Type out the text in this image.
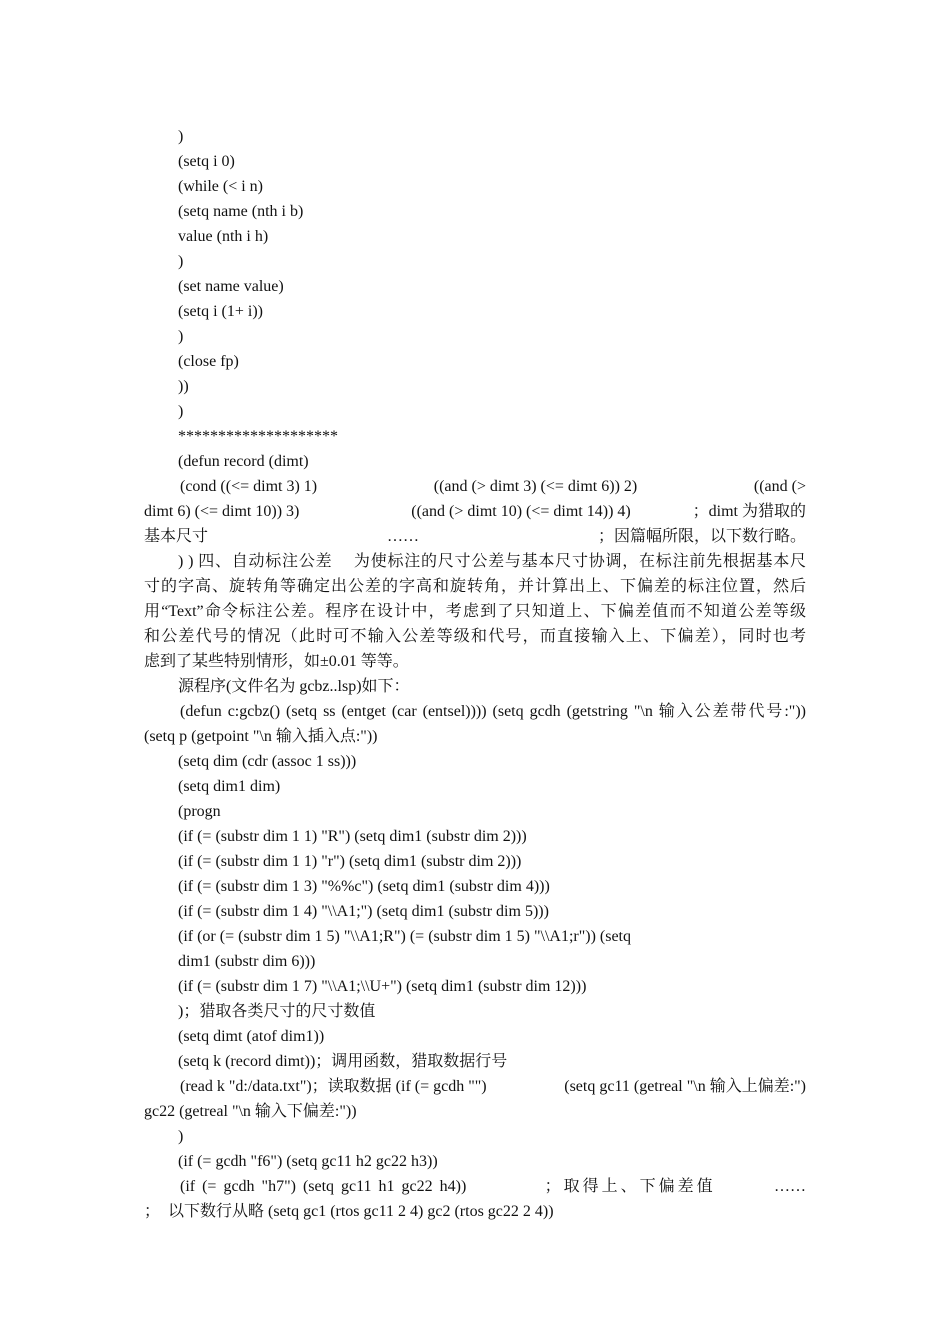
)
(setq i 0)
(while (< i n)
(setq name (nth i b)
value (nth i h)
)
(set name value)
(setq i (1+ i))
)
(close fp)
))
)
********************
(defun record (dimt)
(cond ((<= dimt 3) 1)	((and (> dimt 3) (<= dimt 6)) 2)	((and (>
dimt 6) (<= dimt 10)) 3)	((and (> dimt 10) (<= dimt 14)) 4)	；dimt 为猎取的
基本尺寸	……	；因篇幅所限，以下数行略。
) ) 四、自动标注公差　 为使标注的尺寸公差与基本尺寸协调，在标注前先根据基本尺
寸的字高、旋转角等确定出公差的字高和旋转角，并计算出上、下偏差的标注位置，然后
用“Text”命令标注公差。程序在设计中，考虑到了只知道上、下偏差值而不知道公差等级
和公差代号的情况（此时可不输入公差等级和代号，而直接输入上、下偏差），同时也考
虑到了某些特别情形，如±0.01 等等。
源程序(文件名为 gcbz..lsp)如下：
(defun c:gcbz() (setq ss (entget (car (entsel)))) (setq gcdh (getstring "\n 输入公差带代号:"))
(setq p (getpoint "\n 输入插入点:"))
(setq dim (cdr (assoc 1 ss)))
(setq dim1 dim)
(progn
(if (= (substr dim 1 1) "R") (setq dim1 (substr dim 2)))
(if (= (substr dim 1 1) "r") (setq dim1 (substr dim 2)))
(if (= (substr dim 1 3) "%%c") (setq dim1 (substr dim 4)))
(if (= (substr dim 1 4) "\\A1;") (setq dim1 (substr dim 5)))
(if (or (= (substr dim 1 5) "\\A1;R") (= (substr dim 1 5) "\\A1;r")) (setq
dim1 (substr dim 6)))
(if (= (substr dim 1 7) "\\A1;\\U+") (setq dim1 (substr dim 12)))
)；猎取各类尺寸的尺寸数值
(setq dimt (atof dim1))
(setq k (record dimt))；调用函数，猎取数据行号
(read k "d:/data.txt")；读取数据 (if (= gcdh "")	(setq gc11 (getreal "\n 输入上偏差:")
gc22 (getreal "\n 输入下偏差:"))
)
(if (= gcdh "f6") (setq gc11 h2 gc22 h3))
(if (= gcdh "h7") (setq gc11 h1 gc22 h4))	；取得上、下偏差值	……
；　以下数行从略 (setq gc1 (rtos gc11 2 4) gc2 (rtos gc22 2 4))
